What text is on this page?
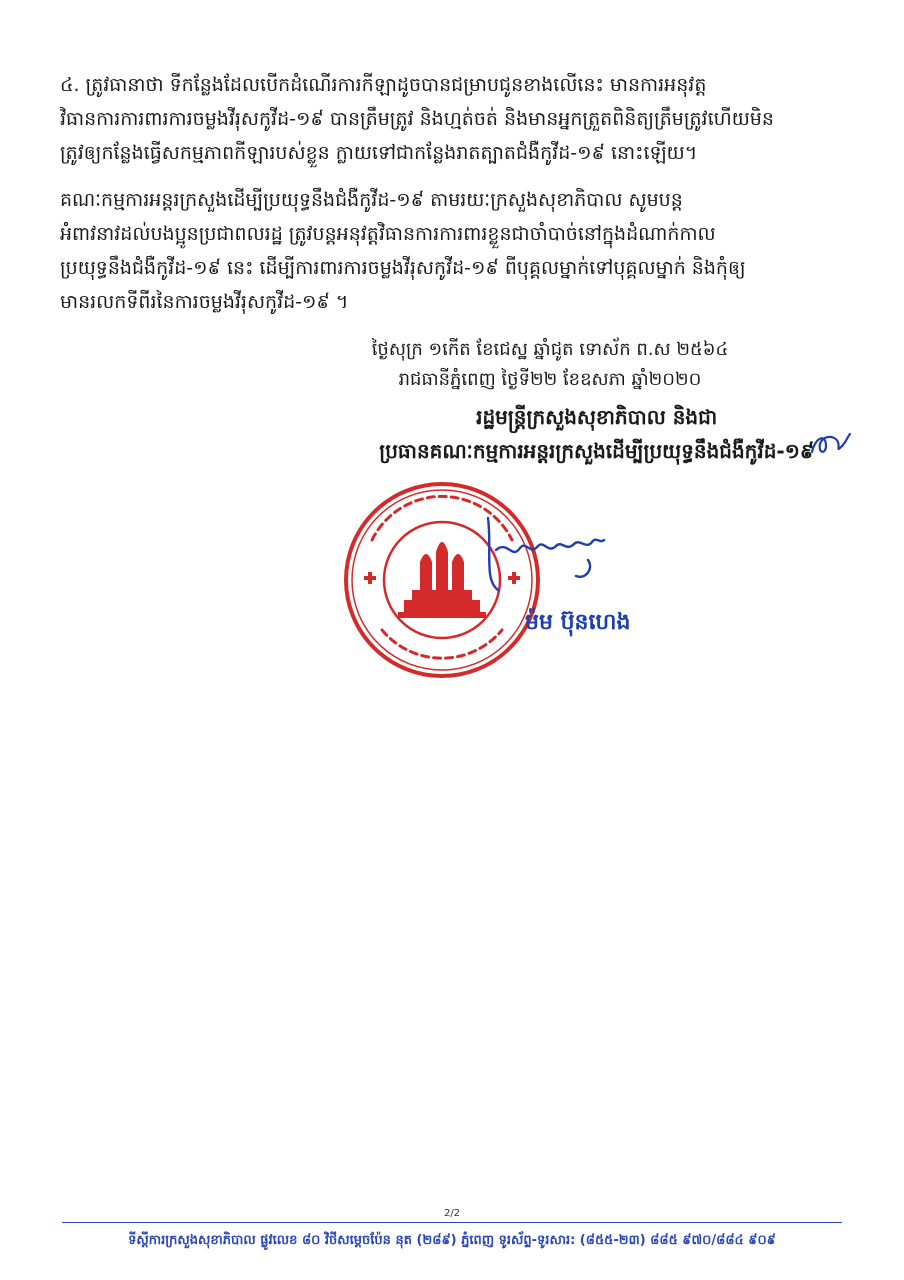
៤. ត្រូវធានាថា ទីកន្លែងដែលបើកដំណើរការកីឡាដូចបានជម្រាបជូនខាងលើនេះ មានការអនុវត្ត
វិធានការការពារការចម្លងវីរុសកូវីដ-១៩ បានត្រឹមត្រូវ និងហ្មត់ចត់ និងមានអ្នកត្រួតពិនិត្យត្រឹមត្រូវហើយមិន
ត្រូវឲ្យកន្លែងធ្វើសកម្មភាពកីឡារបស់ខ្លួន ក្លាយទៅជាកន្លែងរាតត្បាតជំងឺកូវីដ-១៩ នោះឡើយ។
គណៈកម្មការអន្តរក្រសួងដើម្បីប្រយុទ្ធនឹងជំងឺកូវីដ-១៩ តាមរយៈក្រសួងសុខាភិបាល សូមបន្ត
អំពាវនាវដល់បងប្អូនប្រជាពលរដ្ឋ ត្រូវបន្តអនុវត្តវិធានការការពារខ្លួនជាចាំបាច់នៅក្នុងដំណាក់កាល
ប្រយុទ្ធនឹងជំងឺកូវីដ-១៩ នេះ ដើម្បីការពារការចម្លងវីរុសកូវីដ-១៩ ពីបុគ្គលម្នាក់ទៅបុគ្គលម្នាក់ និងកុំឲ្យ
មានរលកទីពីរនៃការចម្លងវីរុសកូវីដ-១៩ ។
ថ្ងៃសុក្រ ១កើត ខែជេស្ឋ ឆ្នាំជូត ទោស័ក ព.ស ២៥៦៤
រាជធានីភ្នំពេញ ថ្ងៃទី២២ ខែឧសភា ឆ្នាំ២០២០
រដ្ឋមន្ត្រីក្រសួងសុខាភិបាល និងជា
ប្រធានគណៈកម្មការអន្តរក្រសួងដើម្បីប្រយុទ្ធនឹងជំងឺកូវីដ-១៩
ម៉ម ប៊ុនហេង
2/2
ទីស្តីការក្រសួងសុខាភិបាល ផ្លូវលេខ ៨០ វិថីសម្តេចប៉ែន នុត (២៨៩) ភ្នំពេញ ទូរស័ព្ទ-ទូរសារ: (៨៥៥-២៣) ៨៨៥ ៩៧០/៨៨៤ ៩០៩
